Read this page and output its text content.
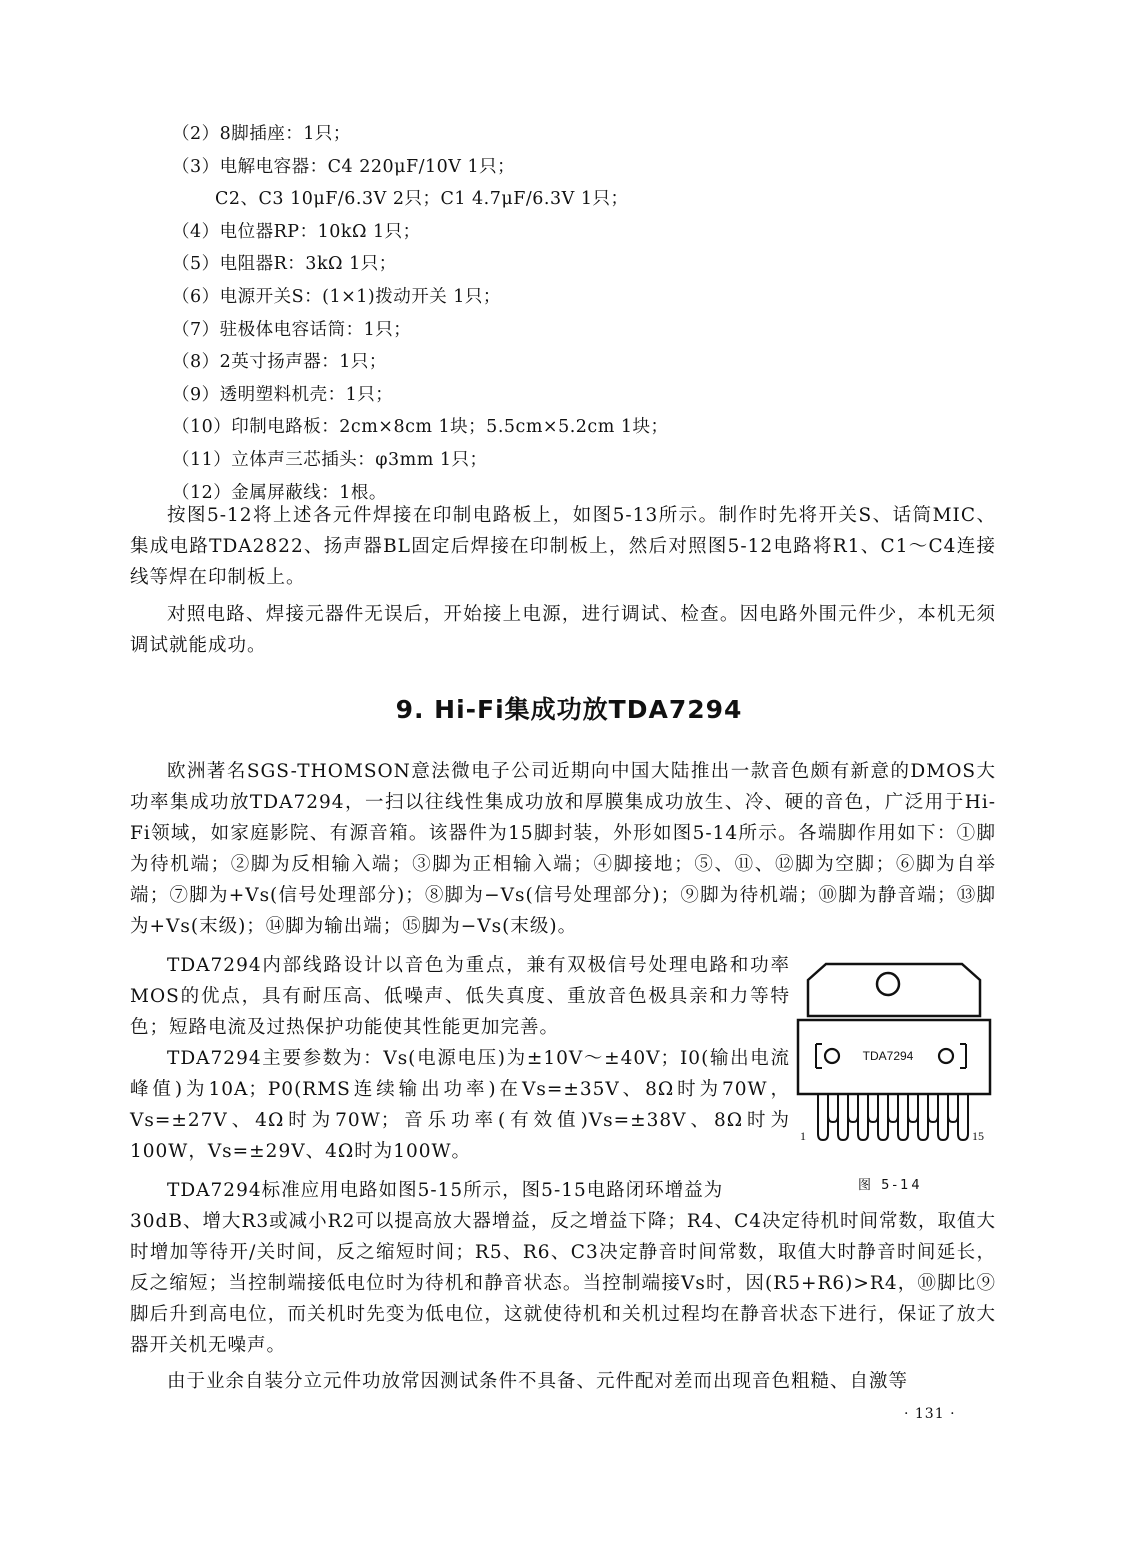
（2）8脚插座：1只；
（3）电解电容器：C4 220μF/10V 1只；
C2、C3 10μF/6.3V 2只；C1 4.7μF/6.3V 1只；
（4）电位器RP：10kΩ 1只；
（5）电阻器R：3kΩ 1只；
（6）电源开关S：(1×1)拨动开关 1只；
（7）驻极体电容话筒：1只；
（8）2英寸扬声器：1只；
（9）透明塑料机壳：1只；
（10）印制电路板：2cm×8cm 1块；5.5cm×5.2cm 1块；
（11）立体声三芯插头：φ3mm 1只；
（12）金属屏蔽线：1根。

按图5-12将上述各元件焊接在印制电路板上，如图5-13所示。制作时先将开关S、话筒MIC、集成电路TDA2822、扬声器BL固定后焊接在印制板上，然后对照图5-12电路将R1、C1～C4连接线等焊在印制板上。

对照电路、焊接元器件无误后，开始接上电源，进行调试、检查。因电路外围元件少，本机无须调试就能成功。

9. Hi-Fi集成功放TDA7294

欧洲著名SGS-THOMSON意法微电子公司近期向中国大陆推出一款音色颇有新意的DMOS大功率集成功放TDA7294，一扫以往线性集成功放和厚膜集成功放生、冷、硬的音色，广泛用于Hi-Fi领域，如家庭影院、有源音箱。该器件为15脚封装，外形如图5-14所示。各端脚作用如下：①脚为待机端；②脚为反相输入端；③脚为正相输入端；④脚接地；⑤、⑪、⑫脚为空脚；⑥脚为自举端；⑦脚为+Vs(信号处理部分)；⑧脚为−Vs(信号处理部分)；⑨脚为待机端；⑩脚为静音端；⑬脚为+Vs(末级)；⑭脚为输出端；⑮脚为−Vs(末级)。

TDA7294内部线路设计以音色为重点，兼有双极信号处理电路和功率MOS的优点，具有耐压高、低噪声、低失真度、重放音色极具亲和力等特色；短路电流及过热保护功能使其性能更加完善。

TDA7294主要参数为：Vs(电源电压)为±10V～±40V；I0(输出电流峰值)为10A；P0(RMS连续输出功率)在Vs=±35V、8Ω时为70W，Vs=±27V、4Ω时为70W；音乐功率(有效值)Vs=±38V、8Ω时为100W，Vs=±29V、4Ω时为100W。

TDA7294标准应用电路如图5-15所示，图5-15电路闭环增益为

30dB、增大R3或减小R2可以提高放大器增益，反之增益下降；R4、C4决定待机时间常数，取值大时增加等待开/关时间，反之缩短时间；R5、R6、C3决定静音时间常数，取值大时静音时间延长，反之缩短；当控制端接低电位时为待机和静音状态。当控制端接Vs时，因(R5+R6)>R4，⑩脚比⑨脚后升到高电位，而关机时先变为低电位，这就使待机和关机过程均在静音状态下进行，保证了放大器开关机无噪声。

由于业余自装分立元件功放常因测试条件不具备、元件配对差而出现音色粗糙、自激等

TDA7294
1	15
图 5-14
· 131 ·
